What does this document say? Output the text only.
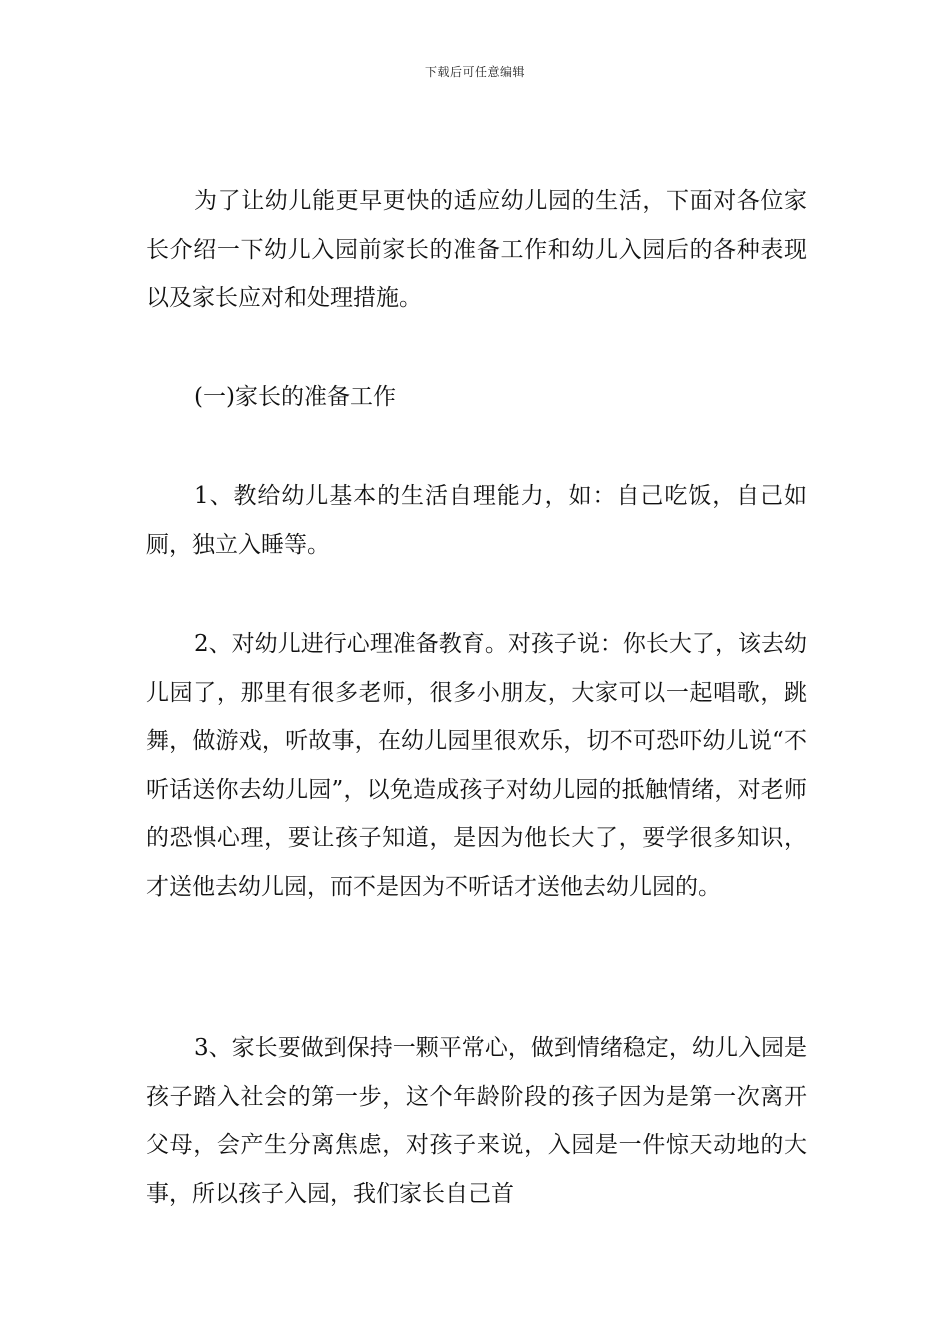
下载后可任意编辑

为了让幼儿能更早更快的适应幼儿园的生活，下面对各位家长介绍一下幼儿入园前家长的准备工作和幼儿入园后的各种表现以及家长应对和处理措施。

(一)家长的准备工作

1、教给幼儿基本的生活自理能力，如：自己吃饭，自己如厕，独立入睡等。

2、对幼儿进行心理准备教育。对孩子说：你长大了，该去幼儿园了，那里有很多老师，很多小朋友，大家可以一起唱歌，跳舞，做游戏，听故事，在幼儿园里很欢乐，切不可恐吓幼儿说“不听话送你去幼儿园”，以免造成孩子对幼儿园的抵触情绪，对老师的恐惧心理，要让孩子知道，是因为他长大了，要学很多知识，才送他去幼儿园，而不是因为不听话才送他去幼儿园的。

3、家长要做到保持一颗平常心，做到情绪稳定，幼儿入园是孩子踏入社会的第一步，这个年龄阶段的孩子因为是第一次离开父母，会产生分离焦虑，对孩子来说，入园是一件惊天动地的大事，所以孩子入园，我们家长自己首
